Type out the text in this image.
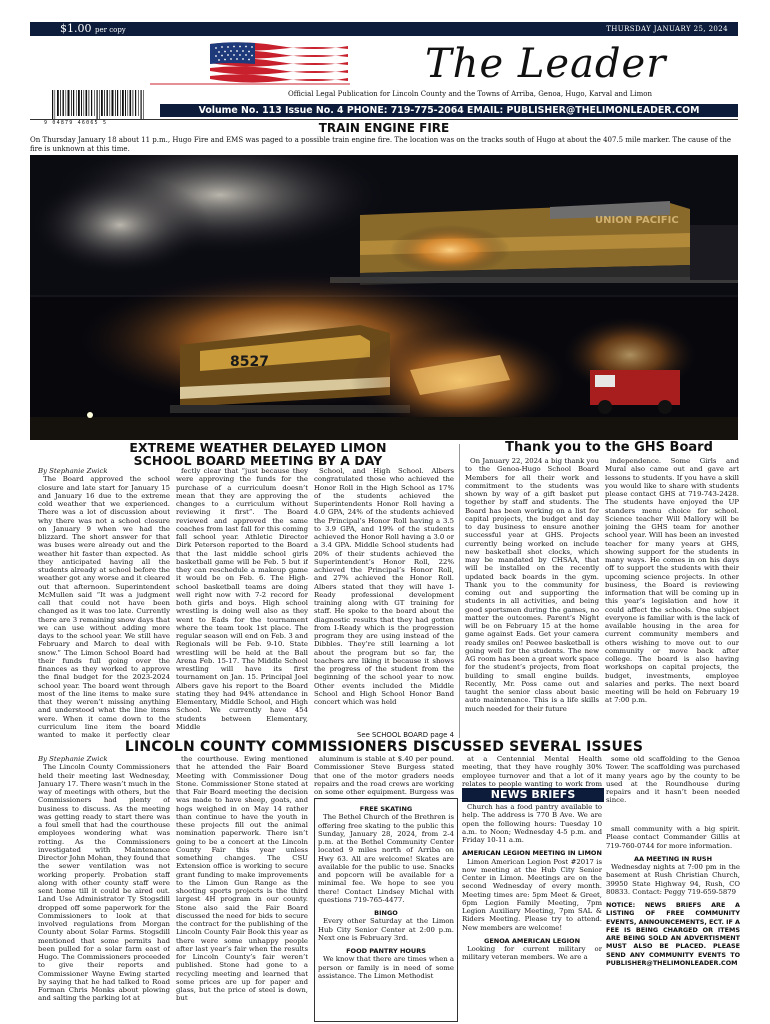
$1.00 per copy	THURSDAY JANUARY 25, 2024
The Leader
9 04879 46065 5
Official Legal Publication for Lincoln County and the Towns of Arriba, Genoa, Hugo, Karval and Limon
Volume No. 113 Issue No. 4 PHONE: 719-775-2064 EMAIL: PUBLISHER@THELIMONLEADER.COM
TRAIN ENGINE FIRE
On Thursday January 18 about 11 p.m., Hugo Fire and EMS was paged to a possible train engine fire. The location was on the tracks south of Hugo at about the 407.5 mile marker. The cause of the fire is unknown at this time.
UNION PACIFIC
8527
EXTREME WEATHER DELAYED LIMON
SCHOOL BOARD MEETING BY A DAY

By Stephanie Zwick

The Board approved the school closure and late start for January 15 and January 16 due to the extreme cold weather that we experienced. There was a lot of discussion about why there was not a school closure on January 9 when we had the blizzard. The short answer for that was buses were already out and the weather hit faster than expected. As they anticipated having all the students already at school before the weather got any worse and it cleared out that afternoon. Superintendent McMullen said “It was a judgment call that could not have been changed as it was too late. Currently there are 3 remaining snow days that we can use without adding more days to the school year. We still have February and March to deal with snow.” The Limon School Board had their funds full going over the finances as they worked to approve the final budget for the 2023-2024 school year. The board went through most of the line items to make sure that they weren’t missing anything and understood what the line items were. When it came down to the curriculum line item the board wanted to make it perfectly clear

fectly clear that “just because they were approving the funds for the purchase of a curriculum doesn’t mean that they are approving the changes to a curriculum without reviewing it first”. The Board reviewed and approved the same coaches from last fall for this coming fall school year. Athletic Director Dirk Peterson reported to the Board that the last middle school girls basketball game will be Feb. 5 but if they can reschedule a makeup game it would be on Feb. 6. The High-school basketball teams are doing well right now with 7-2 record for both girls and boys. High school wrestling is doing well also as they went to Eads for the tournament where the team took 1st place. The regular season will end on Feb. 3 and Regionals will be Feb. 9-10. State wrestling will be held at the Ball Arena Feb. 15-17. The Middle School wrestling will have its first tournament on Jan. 15. Principal Joel Albers gave his report to the Board stating they had 94% attendance in Elementary, Middle School, and High School. We currently have 454 students between Elementary, Middle

School, and High School. Albers congratulated those who achieved the Honor Roll in the High School as 17% of the students achieved the Superintendents Honor Roll having a 4.0 GPA, 24% of the students achieved the Principal’s Honor Roll having a 3.5 to 3.9 GPA, and 19% of the students achieved the Honor Roll having a 3.0 or a 3.4 GPA. Middle School students had 20% of their students achieved the Superintendent’s Honor Roll, 22% achieved the Principal’s Honor Roll, and 27% achieved the Honor Roll. Albers stated that they will have I-Ready professional development training along with GT training for staff. He spoke to the board about the diagnostic results that they had gotten from I-Ready which is the progression program they are using instead of the Dibbles. They’re still learning a lot about the program but so far, the teachers are liking it because it shows the progress of the student from the beginning of the school year to now. Other events included the Middle School and High School Honor Band concert which was held

See SCHOOL BOARD page 4
Thank you to the GHS Board

On January 22, 2024 a big thank you to the Genoa-Hugo School Board Members for all their work and commitment to the students was shown by way of a gift basket put together by staff and students. The Board has been working on a list for capital projects, the budget and day to day business to ensure another successful year at GHS. Projects currently being worked on include new basketball shot clocks, which may be mandated by CHSAA, that will be installed on the recently updated back boards in the gym. Thank you to the community for coming out and supporting the students in all activities, and being good sportsmen during the games, no matter the outcomes. Parent’s Night will be on February 15 at the home game against Eads. Get your camera ready smiles on! Peewee basketball is going well for the students. The new AG room has been a great work space for the student’s projects, from float building to small engine builds. Recently, Mr. Poss came out and taught the senior class about basic auto maintenance. This is a life skills much needed for their future

independence. Some Girls and Mural also came out and gave art lessons to students. If you have a skill you would like to share with students please contact GHS at 719-743-2428. The students have enjoyed the UP standers menu choice for school. Science teacher Will Mallory will be joining the GHS team for another school year. Will has been an invested teacher for many years at GHS, showing support for the students in many ways. He comes in on his days off to support the students with their upcoming science projects. In other business, the Board is reviewing information that will be coming up in this year’s legislation and how it could affect the schools. One subject everyone is familiar with is the lack of available housing in the area for current community members and others wishing to move out to our community or move back after college. The board is also having workshops on capital projects, the budget, investments, employee salaries and perks. The next board meeting will be held on February 19 at 7:00 p.m.

LINCOLN COUNTY COMMISSIONERS DISCUSSED SEVERAL ISSUES

By Stephanie Zwick

The Lincoln County Commissioners held their meeting last Wednesday, January 17. There wasn’t much in the way of meetings with others, but the Commissioners had plenty of business to discuss. As the meeting was getting ready to start there was a foul smell that had the courthouse employees wondering what was rotting. As the Commissioners investigated with Maintenance Director John Mohan, they found that the sewer ventilation was not working properly. Probation staff along with other county staff were sent home till it could be aired out. Land Use Administrator Ty Stogsdill dropped off some paperwork for the Commissioners to look at that involved regulations from Morgan County about Solar Farms. Stogsdill mentioned that some permits had been pulled for a solar farm east of Hugo. The Commissioners proceeded to give their reports and Commissioner Wayne Ewing started by saying that he had talked to Road Forman Chris Monks about plowing and salting the parking lot at

the courthouse. Ewing mentioned that he attended the Fair Board Meeting with Commissioner Doug Stone. Commissioner Stone stated at that Fair Board meeting the decision was made to have sheep, goats, and hogs weighed in on May 14 rather than continue to have the youth in these projects fill out the animal nomination paperwork. There isn’t going to be a concert at the Lincoln County Fair this year unless something changes. The CSU Extension office is working to secure grant funding to make improvements to the Limon Gun Range as the shooting sports projects is the third largest 4H program in our county. Stone also said the Fair Board discussed the need for bids to secure the contract for the publishing of the Lincoln County Fair Book this year as there were some unhappy people after last year’s fair when the results for Lincoln County’s fair weren’t published. Stone had gone to a recycling meeting and learned that some prices are up for paper and glass, but the price of steel is down, but

aluminum is stable at $.40 per pound. Commissioner Steve Burgess stated that one of the motor graders needs repairs and the road crews are working on some other equipment. Burgess was

at a Centennial Mental Health meeting, that they have roughly 30% employee turnover and that a lot of it relates to people wanting to work from

some old scaffolding to the Genoa Tower. The scaffolding was purchased many years ago by the county to be used at the Roundhouse during repairs and it hasn’t been needed since.

FREE SKATING

The Bethel Church of the Brethren is offering free skating to the public this Sunday, January 28, 2024, from 2-4 p.m. at the Bethel Community Center located 9 miles north of Arriba on Hwy 63. All are welcome! Skates are available for the public to use. Snacks and popcorn will be available for a minimal fee. We hope to see you there! Contact Lindsey Michal with questions 719-765-4477.

BINGO

Every other Saturday at the Limon Hub City Senior Center at 2:00 p.m. Next one is February 3rd.

FOOD PANTRY HOURS

We know that there are times when a person or family is in need of some assistance. The Limon Methodist

NEWS BRIEFS

Church has a food pantry available to help. The address is 770 B Ave. We are open the following hours: Tuesday 10 a.m. to Noon; Wednesday 4-5 p.m. and Friday 10-11 a.m.

AMERICAN LEGION MEETING IN LIMON

Limon American Legion Post #2017 is now meeting at the Hub City Senior Center in Limon. Meetings are on the second Wednesday of every month. Meeting times are: 5pm Meet & Greet, 6pm Legion Family Meeting, 7pm Legion Auxiliary Meeting, 7pm SAL & Riders Meeting. Please try to attend. New members are welcome!

GENOA AMERICAN LEGION

Looking for current military or military veteran members. We are a

small community with a big spirit. Please contact Commander Gillis at 719-760-0744 for more information.

AA MEETING IN RUSH

Wednesday nights at 7:00 pm in the basement at Rush Christian Church, 39950 State Highway 94, Rush, CO 80833. Contact: Peggy 719-659-5879

NOTICE: NEWS BRIEFS ARE A LISTING OF FREE COMMUNITY EVENTS, ANNOUNCEMENTS, ECT. IF A FEE IS BEING CHARGED OR ITEMS ARE BEING SOLD AN ADVERTISMENT MUST ALSO BE PLACED. PLEASE SEND ANY COMMUNITY EVENTS TO PUBLISHER@THELIMONLEADER.COM
